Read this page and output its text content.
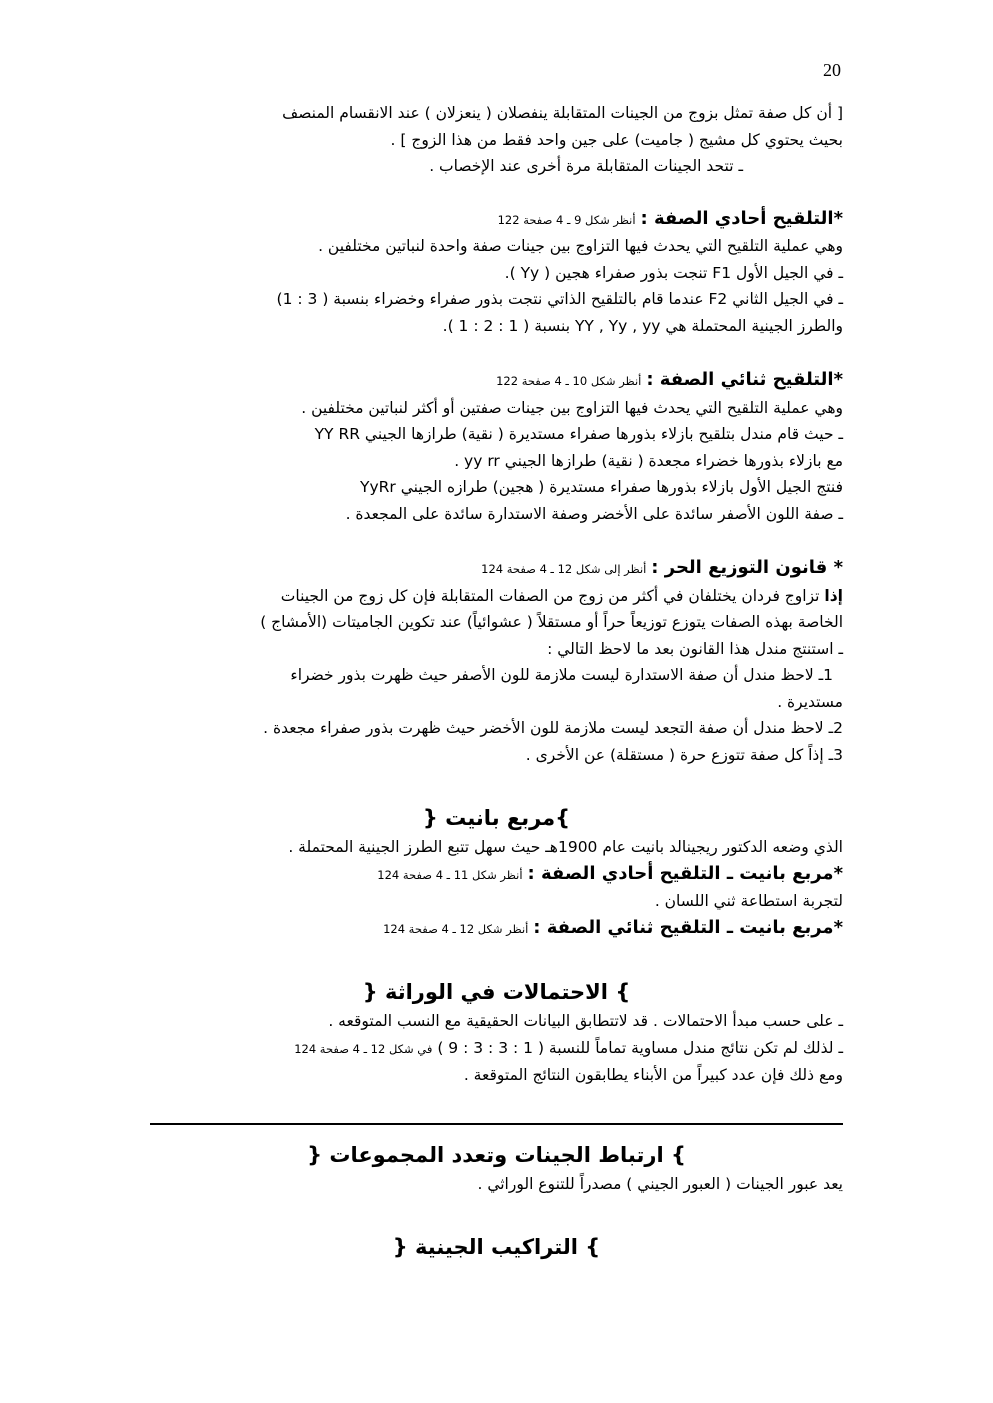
20

[ أن كل صفة تمثل بزوج من الجينات المتقابلة ينفصلان ( ينعزلان ) عند الانقسام المنصف

بحيث يحتوي كل مشيج ( جاميت) على جين واحد فقط من هذا الزوج ] .

ـ تتحد الجينات المتقابلة مرة أخرى عند الإخصاب .

*التلقيح أحادي الصفة : أنظر شكل 9 ـ 4 صفحة 122

وهي عملية التلقيح التي يحدث فيها التزاوج بين جينات صفة واحدة لنباتين مختلفين .

ـ في الجيل الأول F1 تنجت بذور صفراء هجين ( Yy ).

ـ في الجيل الثاني F2 عندما قام بالتلقيح الذاتي نتجت بذور صفراء وخضراء بنسبة ( 3 : 1)

والطرز الجينية المحتملة هي YY , Yy , yy بنسبة ( 1 : 2 : 1 ).

*التلقيح ثنائي الصفة : أنظر شكل 10 ـ 4 صفحة 122

وهي عملية التلقيح التي يحدث فيها التزاوج بين جينات صفتين أو أكثر لنباتين مختلفين .

ـ حيث قام مندل بتلقيح بازلاء بذورها صفراء مستديرة ( نقية) طرازها الجيني YY RR

مع بازلاء بذورها خضراء مجعدة ( نقية) طرازها الجيني yy rr .

فنتج الجيل الأول بازلاء بذورها صفراء مستديرة ( هجين) طرازه الجيني YyRr

ـ صفة اللون الأصفر سائدة على الأخضر وصفة الاستدارة سائدة على المجعدة .

* قانون التوزيع الحر : أنظر إلى شكل 12 ـ 4 صفحة 124

إذا تزاوج فردان يختلفان في أكثر من زوج من الصفات المتقابلة فإن كل زوج من الجينات

الخاصة بهذه الصفات يتوزع توزيعاً حراً أو مستقلاً ( عشوائياً) عند تكوين الجاميتات (الأمشاج )

ـ استنتج مندل هذا القانون بعد ما لاحظ التالي :

1ـ لاحظ مندل أن صفة الاستدارة ليست ملازمة للون الأصفر حيث ظهرت بذور خضراء

مستديرة .

2ـ لاحظ مندل أن صفة التجعد ليست ملازمة للون الأخضر حيث ظهرت بذور صفراء مجعدة .

3ـ إذاً كل صفة تتوزع حرة ( مستقلة) عن الأخرى .

}مربع بانيت {

الذي وضعه الدكتور ريجينالد بانيت عام 1900هـ حيث سهل تتبع الطرز الجينية المحتملة .

*مربع بانيت ـ التلقيح أحادي الصفة : أنظر شكل 11 ـ 4 صفحة 124

لتجربة استطاعة ثني اللسان .

*مربع بانيت ـ التلقيح ثنائي الصفة : أنظر شكل 12 ـ 4 صفحة 124

} الاحتمالات في الوراثة {

ـ على حسب مبدأ الاحتمالات . قد لاتتطابق البيانات الحقيقية مع النسب المتوقعه .

ـ لذلك لم تكن نتائج مندل مساوية تماماً للنسبة ( 1 : 3 : 3 : 9 ) في شكل 12 ـ 4 صفحة 124

ومع ذلك فإن عدد كبيراً من الأبناء يطابقون النتائج المتوقعة .

} ارتباط الجينات وتعدد المجموعات {

يعد عبور الجينات ( العبور الجيني ) مصدراً للتنوع الوراثي .

} التراكيب الجينية {
